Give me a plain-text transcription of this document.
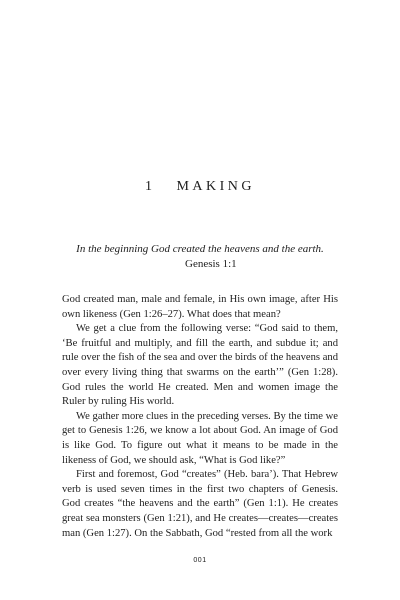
1 MAKING
In the beginning God created the heavens and the earth.
Genesis 1:1

God created man, male and female, in His own image, after His own likeness (Gen 1:26–27). What does that mean?

We get a clue from the following verse: “God said to them, ‘Be fruitful and multiply, and fill the earth, and subdue it; and rule over the fish of the sea and over the birds of the heavens and over every living thing that swarms on the earth’” (Gen 1:28). God rules the world He created. Men and women image the Ruler by ruling His world.

We gather more clues in the preceding verses. By the time we get to Genesis 1:26, we know a lot about God. An image of God is like God. To figure out what it means to be made in the likeness of God, we should ask, “What is God like?”

First and foremost, God “creates” (Heb. bara’). That Hebrew verb is used seven times in the first two chapters of Genesis. God creates “the heavens and the earth” (Gen 1:1). He creates great sea monsters (Gen 1:21), and He creates—creates—creates man (Gen 1:27). On the Sabbath, God “rested from all the work

001
